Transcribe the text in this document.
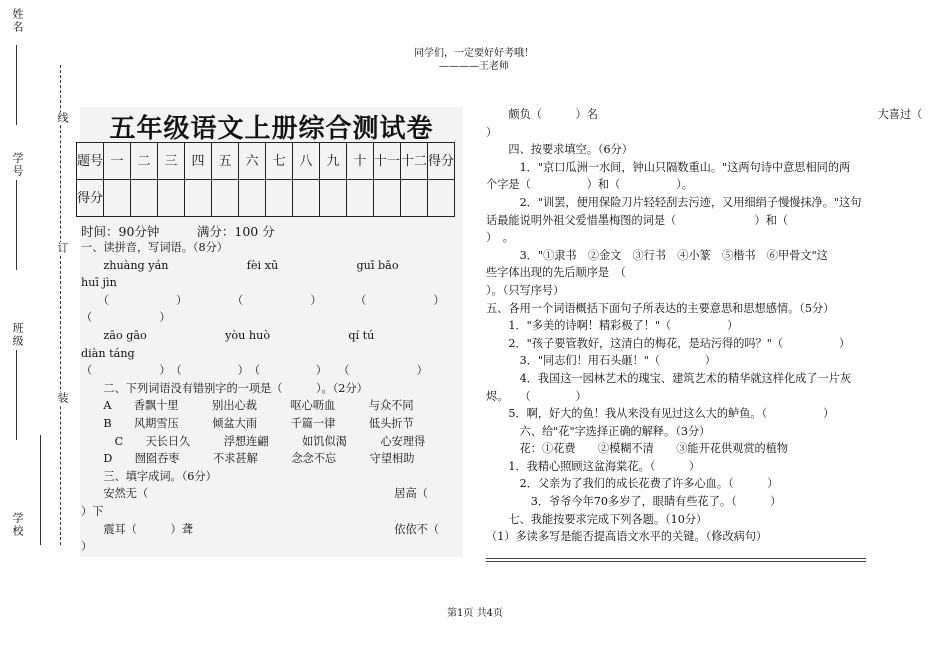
姓名
学号
班级
学校
线
订
装
同学们，一定要好好考哦！
————王老师
五年级语文上册综合测试卷
题号	一	二	三	四	五	六	七	八	九	十	十一	十二	得分
得分													
时间：90分钟　　　满分：100 分
一、读拼音，写词语。（8分）
　　zhuàng yán　　　　　　　fèi xū　　　　　　　guī bǎo
huī jìn
　　（　　　　　　）　　　　　（　　　　　　）　　　　（　　　　　　）
（　　　　　　）
　　zāo gāo　　　　　　　yòu huò　　　　　　　qí tú
diàn táng
（　　　　　　）　（　　　　　）　（　　　　　）　　（　　　　　　）
　　二、下列词语没有错别字的一项是（　　　）。（2分）
　　A　　香飘十里　　　别出心裁　　　呕心呖血　　　与众不同
　　B　　风期雪压　　　倾盆大雨　　　千篇一律　　　低头折节
　　　C　　天长日久　　　浮想连翩　　　如饥似渴　　　心安理得
　　D　　囫囵吞枣　　　不求甚解　　　念念不忘　　　守望相助
　　三、填字成词。（6分）
　　安然无（　　　　　　　　　　　　　　　　　　　　　　居高（
）下
　　震耳（　　　）聋　　　　　　　　　　　　　　　　　　依依不（
）
　　颇负（　　　）名　　　　　　　　　　　　　　　　　　　　　　　　　大喜过（
）
　　四、按要求填空。（6分）
　　　1．"京口瓜洲一水间，钟山只隔数重山。"这两句诗中意思相同的两
个字是（　　　　　）和（　　　　　）。
　　　2．"训罢，便用保险刀片轻轻刮去污迹，又用细绢子慢慢抹净。"这句
话最能说明外祖父爱惜墨梅图的词是（　　　　　　　）和（
）　。
　　　3．"①隶书　②金文　③行书　④小篆　⑤楷书　⑥甲骨文"这
些字体出现的先后顺序是　（
）。（只写序号）
五、各用一个词语概括下面句子所表达的主要意思和思想感情。（5分）
　　1．"多美的诗啊！精彩极了！"（　　　　　）
　　2．"孩子要管教好，这清白的梅花，是玷污得的吗？"（　　　　　）
　　　3．"同志们！用石头砸！"（　　　　）
　　　4．我国这一园林艺术的瑰宝、建筑艺术的精华就这样化成了一片灰
烬。　　（　　　　）
　　5．啊，好大的鱼！我从来没有见过这么大的鲈鱼。（　　　　　）
　　　六、给"花"字选择正确的解释。（3分）
　　　花：①花费　　②模糊不清　　③能开花供观赏的植物
　　1．我精心照顾这盆海棠花。（　　　）
　　　2．父亲为了我们的成长花费了许多心血。（　　　）
　　　　3．爷爷今年70多岁了，眼睛有些花了。（　　　）
　　七、我能按要求完成下列各题。（10分）
（1）多读多写是能否提高语文水平的关键。（修改病句）
第1页 共4页
